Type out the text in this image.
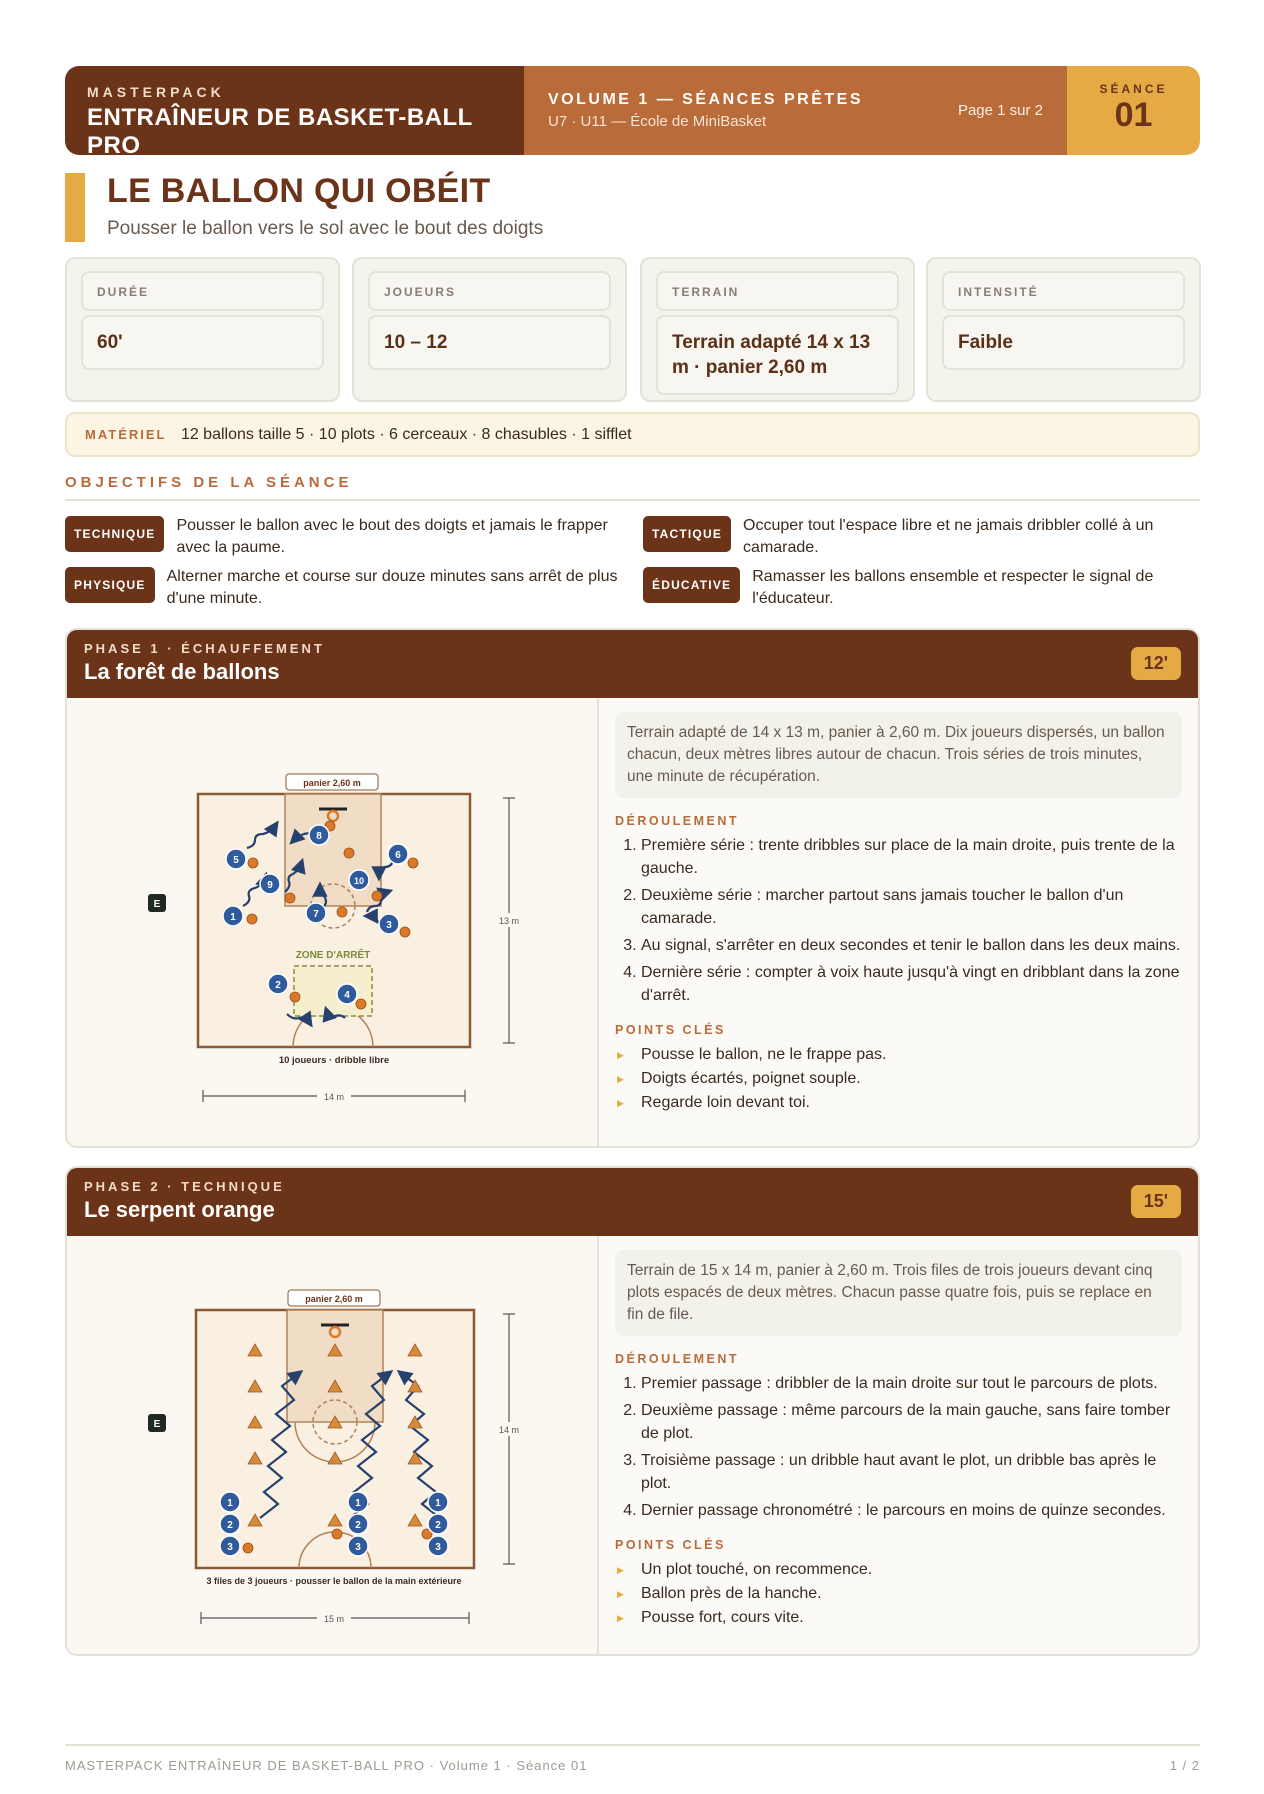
MASTERPACK
ENTRAÎNEUR DE BASKET-BALL PRO
VOLUME 1 — SÉANCES PRÊTES
U7 · U11 — École de MiniBasket
Page 1 sur 2
SÉANCE
01
LE BALLON QUI OBÉIT
Pousser le ballon vers le sol avec le bout des doigts
DURÉE
60'
JOUEURS
10 – 12
TERRAIN
Terrain adapté 14 x 13 m · panier 2,60 m
INTENSITÉ
Faible
MATÉRIEL 12 ballons taille 5 · 10 plots · 6 cerceaux · 8 chasubles · 1 sifflet
OBJECTIFS DE LA SÉANCE
TECHNIQUE	Pousser le ballon avec le bout des doigts et jamais le frapper avec la paume.
TACTIQUE	Occuper tout l'espace libre et ne jamais dribbler collé à un camarade.
PHYSIQUE	Alterner marche et course sur douze minutes sans arrêt de plus d'une minute.
ÉDUCATIVE	Ramasser les ballons ensemble et respecter le signal de l'éducateur.
PHASE 1 · ÉCHAUFFEMENT
La forêt de ballons	12'
panier 2,60 m
ZONE D'ARRÊT
E
13 m
14 m
10 joueurs · dribble libre
1
2
3
4
5	6
7
8
9	10
Terrain adapté de 14 x 13 m, panier à 2,60 m. Dix joueurs dispersés, un ballon chacun, deux mètres libres autour de chacun. Trois séries de trois minutes, une minute de récupération.
DÉROULEMENT
1. Première série : trente dribbles sur place de la main droite, puis trente de la gauche.
2. Deuxième série : marcher partout sans jamais toucher le ballon d'un camarade.
3. Au signal, s'arrêter en deux secondes et tenir le ballon dans les deux mains.
4. Dernière série : compter à voix haute jusqu'à vingt en dribblant dans la zone d'arrêt.
POINTS CLÉS
▶ Pousse le ballon, ne le frappe pas.
▶ Doigts écartés, poignet souple.
▶ Regarde loin devant toi.
PHASE 2 · TECHNIQUE
Le serpent orange	15'
panier 2,60 m
E	14 m
15 m
3 files de 3 joueurs · pousser le ballon de la main extérieure
1
2
3
1
2
3
1
2
3
Terrain de 15 x 14 m, panier à 2,60 m. Trois files de trois joueurs devant cinq plots espacés de deux mètres. Chacun passe quatre fois, puis se replace en fin de file.
DÉROULEMENT
1. Premier passage : dribbler de la main droite sur tout le parcours de plots.
2. Deuxième passage : même parcours de la main gauche, sans faire tomber de plot.
3. Troisième passage : un dribble haut avant le plot, un dribble bas après le plot.
4. Dernier passage chronométré : le parcours en moins de quinze secondes.
POINTS CLÉS
▶ Un plot touché, on recommence.
▶ Ballon près de la hanche.
▶ Pousse fort, cours vite.
MASTERPACK ENTRAÎNEUR DE BASKET-BALL PRO · Volume 1 · Séance 01	1 / 2
